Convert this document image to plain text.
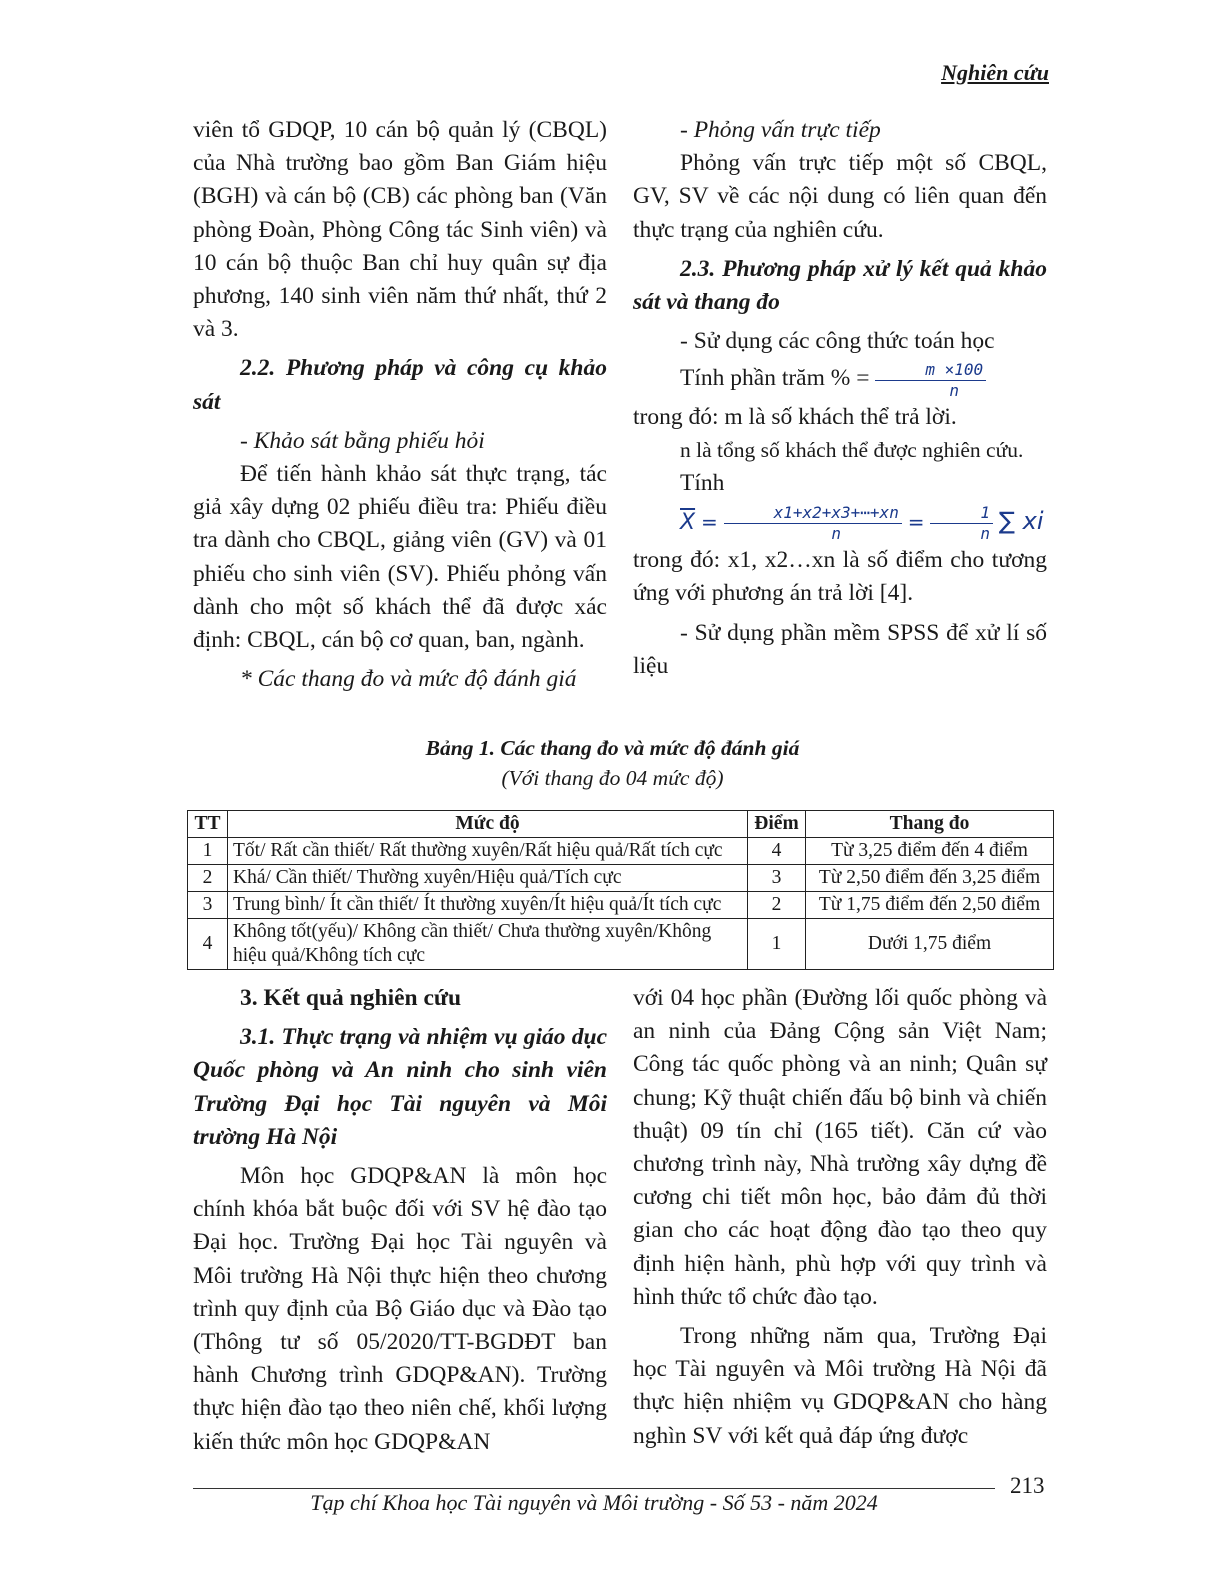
Nghiên cứu

viên tổ GDQP, 10 cán bộ quản lý (CBQL) của Nhà trường bao gồm Ban Giám hiệu (BGH) và cán bộ (CB) các phòng ban (Văn phòng Đoàn, Phòng Công tác Sinh viên) và 10 cán bộ thuộc Ban chỉ huy quân sự địa phương, 140 sinh viên năm thứ nhất, thứ 2 và 3.

2.2. Phương pháp và công cụ khảo sát

- Khảo sát bằng phiếu hỏi

Để tiến hành khảo sát thực trạng, tác giả xây dựng 02 phiếu điều tra: Phiếu điều tra dành cho CBQL, giảng viên (GV) và 01 phiếu cho sinh viên (SV). Phiếu phỏng vấn dành cho một số khách thể đã được xác định: CBQL, cán bộ cơ quan, ban, ngành.

* Các thang đo và mức độ đánh giá

- Phỏng vấn trực tiếp

Phỏng vấn trực tiếp một số CBQL, GV, SV về các nội dung có liên quan đến thực trạng của nghiên cứu.

2.3. Phương pháp xử lý kết quả khảo sát và thang đo

- Sử dụng các công thức toán học

Tính phần trăm % = $\frac{m \times 100}{n}$

trong đó: m là số khách thể trả lời.

n là tổng số khách thể được nghiên cứu.

Tính

$\overline{X} = \frac{x1+x2+x3+\cdots+xn}{n} = \frac{1}{n}$ ∑ xi

trong đó: x1, x2…xn là số điểm cho tương ứng với phương án trả lời [4].

- Sử dụng phần mềm SPSS để xử lí số liệu

Bảng 1. Các thang đo và mức độ đánh giá
(Với thang đo 04 mức độ)
TT	Mức độ	Điểm	Thang đo
1	Tốt/ Rất cần thiết/ Rất thường xuyên/Rất hiệu quả/Rất tích cực	4	Từ 3,25 điểm đến 4 điểm
2	Khá/ Cần thiết/ Thường xuyên/Hiệu quả/Tích cực	3	Từ 2,50 điểm đến 3,25 điểm
3	Trung bình/ Ít cần thiết/ Ít thường xuyên/Ít hiệu quả/Ít tích cực	2	Từ 1,75 điểm đến 2,50 điểm
4	Không tốt(yếu)/ Không cần thiết/ Chưa thường xuyên/Không hiệu quả/Không tích cực	1	Dưới 1,75 điểm

3. Kết quả nghiên cứu

3.1. Thực trạng và nhiệm vụ giáo dục Quốc phòng và An ninh cho sinh viên Trường Đại học Tài nguyên và Môi trường Hà Nội

Môn học GDQP&AN là môn học chính khóa bắt buộc đối với SV hệ đào tạo Đại học. Trường Đại học Tài nguyên và Môi trường Hà Nội thực hiện theo chương trình quy định của Bộ Giáo dục và Đào tạo (Thông tư số 05/2020/TT-BGDĐT ban hành Chương trình GDQP&AN). Trường thực hiện đào tạo theo niên chế, khối lượng kiến thức môn học GDQP&AN

với 04 học phần (Đường lối quốc phòng và an ninh của Đảng Cộng sản Việt Nam; Công tác quốc phòng và an ninh; Quân sự chung; Kỹ thuật chiến đấu bộ binh và chiến thuật) 09 tín chỉ (165 tiết). Căn cứ vào chương trình này, Nhà trường xây dựng đề cương chi tiết môn học, bảo đảm đủ thời gian cho các hoạt động đào tạo theo quy định hiện hành, phù hợp với quy trình và hình thức tổ chức đào tạo.

Trong những năm qua, Trường Đại học Tài nguyên và Môi trường Hà Nội đã thực hiện nhiệm vụ GDQP&AN cho hàng nghìn SV với kết quả đáp ứng được

213
Tạp chí Khoa học Tài nguyên và Môi trường - Số 53 - năm 2024
